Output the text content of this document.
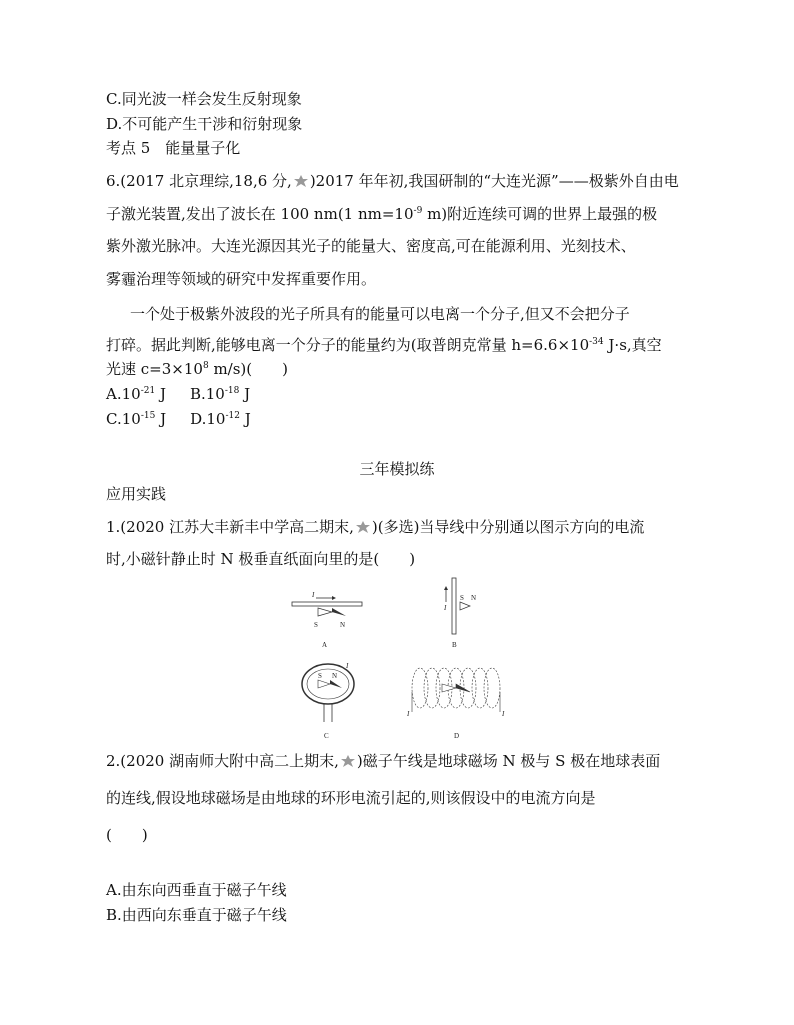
C.同光波一样会发生反射现象
D.不可能产生干涉和衍射现象
考点 5　能量量子化
6.(2017 北京理综,18,6 分, )2017 年年初,我国研制的“大连光源”——极紫外自由电
子激光装置,发出了波长在 100 nm(1 $nm=10^{-9}$ m)附近连续可调的世界上最强的极
紫外激光脉冲。大连光源因其光子的能量大、密度高,可在能源利用、光刻技术、
雾霾治理等领域的研究中发挥重要作用。
一个处于极紫外波段的光子所具有的能量可以电离一个分子,但又不会把分子
打碎。据此判断,能够电离一个分子的能量约为(取普朗克常量 $h=6.6\times 10^{-34}$ J·s,真空
光速 $c=3\times 10^8$ m/s)(　　)
$A.10^{-21}$ J $B.10^{-18}$ J
$C.10^{-15}$ J $D.10^{-12}$ J
三年模拟练
应用实践
1.(2020 江苏大丰新丰中学高二期末, )(多选)当导线中分别通以图示方向的电流
时,小磁针静止时 N 极垂直纸面向里的是(　　)
I
S	N
A
I
S N
B
S N
I
C
I	I
D
2.(2020 湖南师大附中高二上期末, )磁子午线是地球磁场 N 极与 S 极在地球表面
的连线,假设地球磁场是由地球的环形电流引起的,则该假设中的电流方向是
(　　)
A.由东向西垂直于磁子午线
B.由西向东垂直于磁子午线
